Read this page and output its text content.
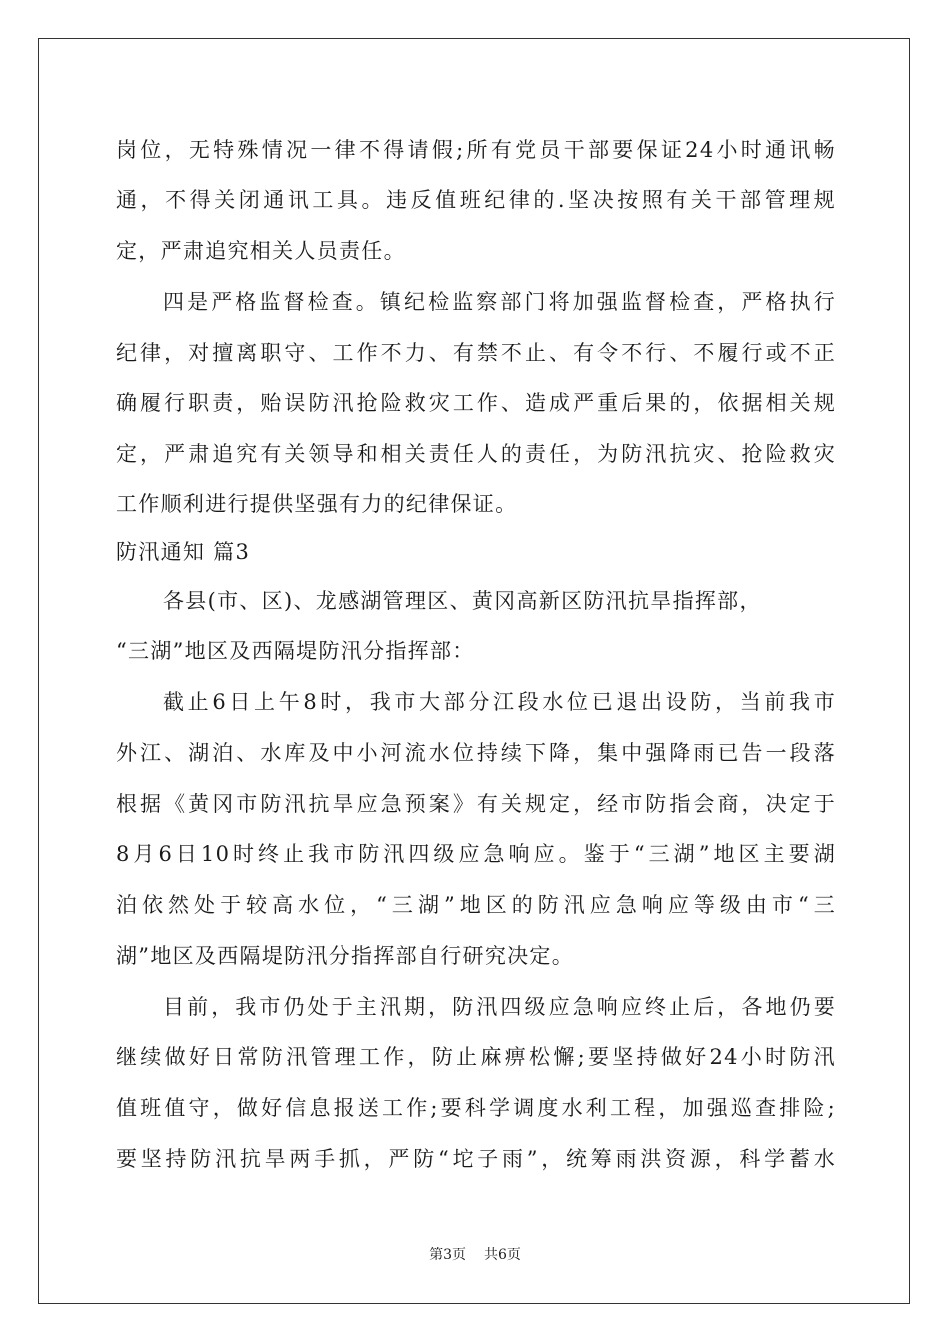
岗位，无特殊情况一律不得请假;所有党员干部要保证24小时通讯畅
通，不得关闭通讯工具。违反值班纪律的.坚决按照有关干部管理规
定，严肃追究相关人员责任。
四是严格监督检查。镇纪检监察部门将加强监督检查，严格执行
纪律，对擅离职守、工作不力、有禁不止、有令不行、不履行或不正
确履行职责，贻误防汛抢险救灾工作、造成严重后果的，依据相关规
定，严肃追究有关领导和相关责任人的责任，为防汛抗灾、抢险救灾
工作顺利进行提供坚强有力的纪律保证。
防汛通知 篇3
各县(市、区)、龙感湖管理区、黄冈高新区防汛抗旱指挥部，
“三湖”地区及西隔堤防汛分指挥部：
截止6日上午8时，我市大部分江段水位已退出设防，当前我市
外江、湖泊、水库及中小河流水位持续下降，集中强降雨已告一段落
根据《黄冈市防汛抗旱应急预案》有关规定，经市防指会商，决定于
8月6日10时终止我市防汛四级应急响应。鉴于“三湖”地区主要湖
泊依然处于较高水位，“三湖”地区的防汛应急响应等级由市“三
湖”地区及西隔堤防汛分指挥部自行研究决定。
目前，我市仍处于主汛期，防汛四级应急响应终止后，各地仍要
继续做好日常防汛管理工作，防止麻痹松懈;要坚持做好24小时防汛
值班值守，做好信息报送工作;要科学调度水利工程，加强巡查排险;
要坚持防汛抗旱两手抓，严防“坨子雨”，统筹雨洪资源，科学蓄水
第3页 共6页
